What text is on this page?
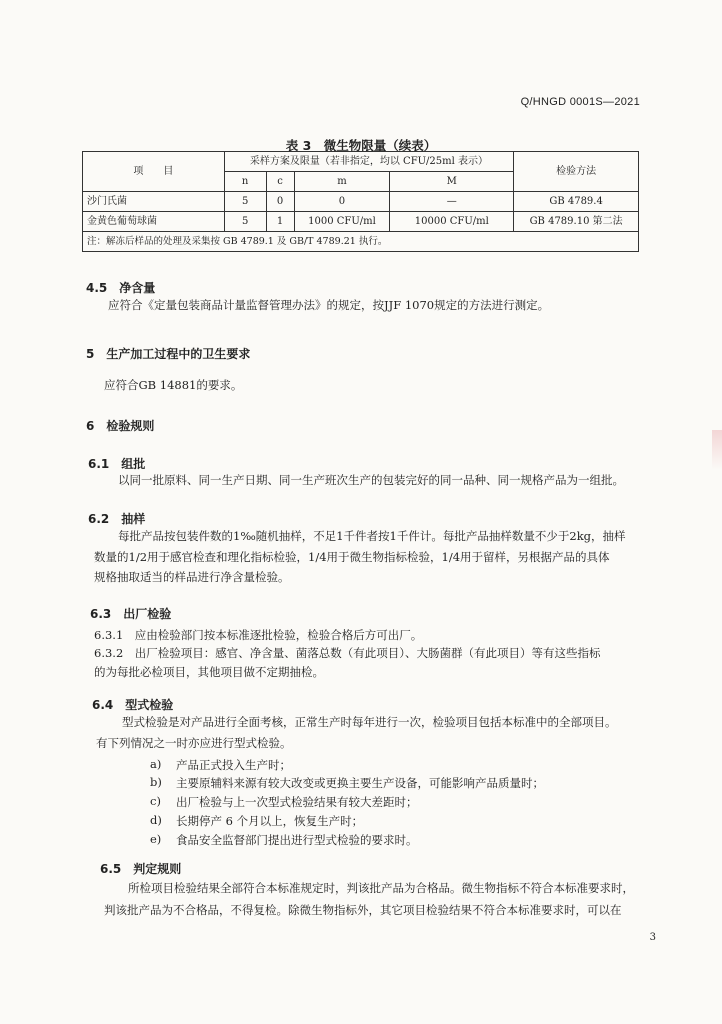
Q/HNGD 0001S—2021
表 3　微生物限量（续表）
项　　目	采样方案及限量（若非指定，均以 CFU/25ml 表示）				检验方法
	n	c	m	M	
沙门氏菌	5	0	0	—	GB 4789.4
金黄色葡萄球菌	5	1	1000 CFU/ml	10000 CFU/ml	GB 4789.10 第二法
注：解冻后样品的处理及采集按 GB 4789.1 及 GB/T 4789.21 执行。					
4.5　净含量
应符合《定量包装商品计量监督管理办法》的规定，按JJF 1070规定的方法进行测定。
5　生产加工过程中的卫生要求
应符合GB 14881的要求。
6　检验规则
6.1　组批
以同一批原料、同一生产日期、同一生产班次生产的包装完好的同一品种、同一规格产品为一组批。
6.2　抽样
每批产品按包装件数的1‰随机抽样，不足1千件者按1千件计。每批产品抽样数量不少于2kg，抽样
数量的1/2用于感官检查和理化指标检验，1/4用于微生物指标检验，1/4用于留样，另根据产品的具体
规格抽取适当的样品进行净含量检验。
6.3　出厂检验
6.3.1　应由检验部门按本标准逐批检验，检验合格后方可出厂。
6.3.2　出厂检验项目：感官、净含量、菌落总数（有此项目）、大肠菌群（有此项目）等有这些指标
的为每批必检项目，其他项目做不定期抽检。
6.4　型式检验
型式检验是对产品进行全面考核，正常生产时每年进行一次，检验项目包括本标准中的全部项目。
有下列情况之一时亦应进行型式检验。
a) 产品正式投入生产时；
b) 主要原辅料来源有较大改变或更换主要生产设备，可能影响产品质量时；
c) 出厂检验与上一次型式检验结果有较大差距时；
d) 长期停产 6 个月以上，恢复生产时；
e) 食品安全监督部门提出进行型式检验的要求时。
6.5　判定规则
所检项目检验结果全部符合本标准规定时，判该批产品为合格品。微生物指标不符合本标准要求时，
判该批产品为不合格品，不得复检。除微生物指标外，其它项目检验结果不符合本标准要求时，可以在
3
